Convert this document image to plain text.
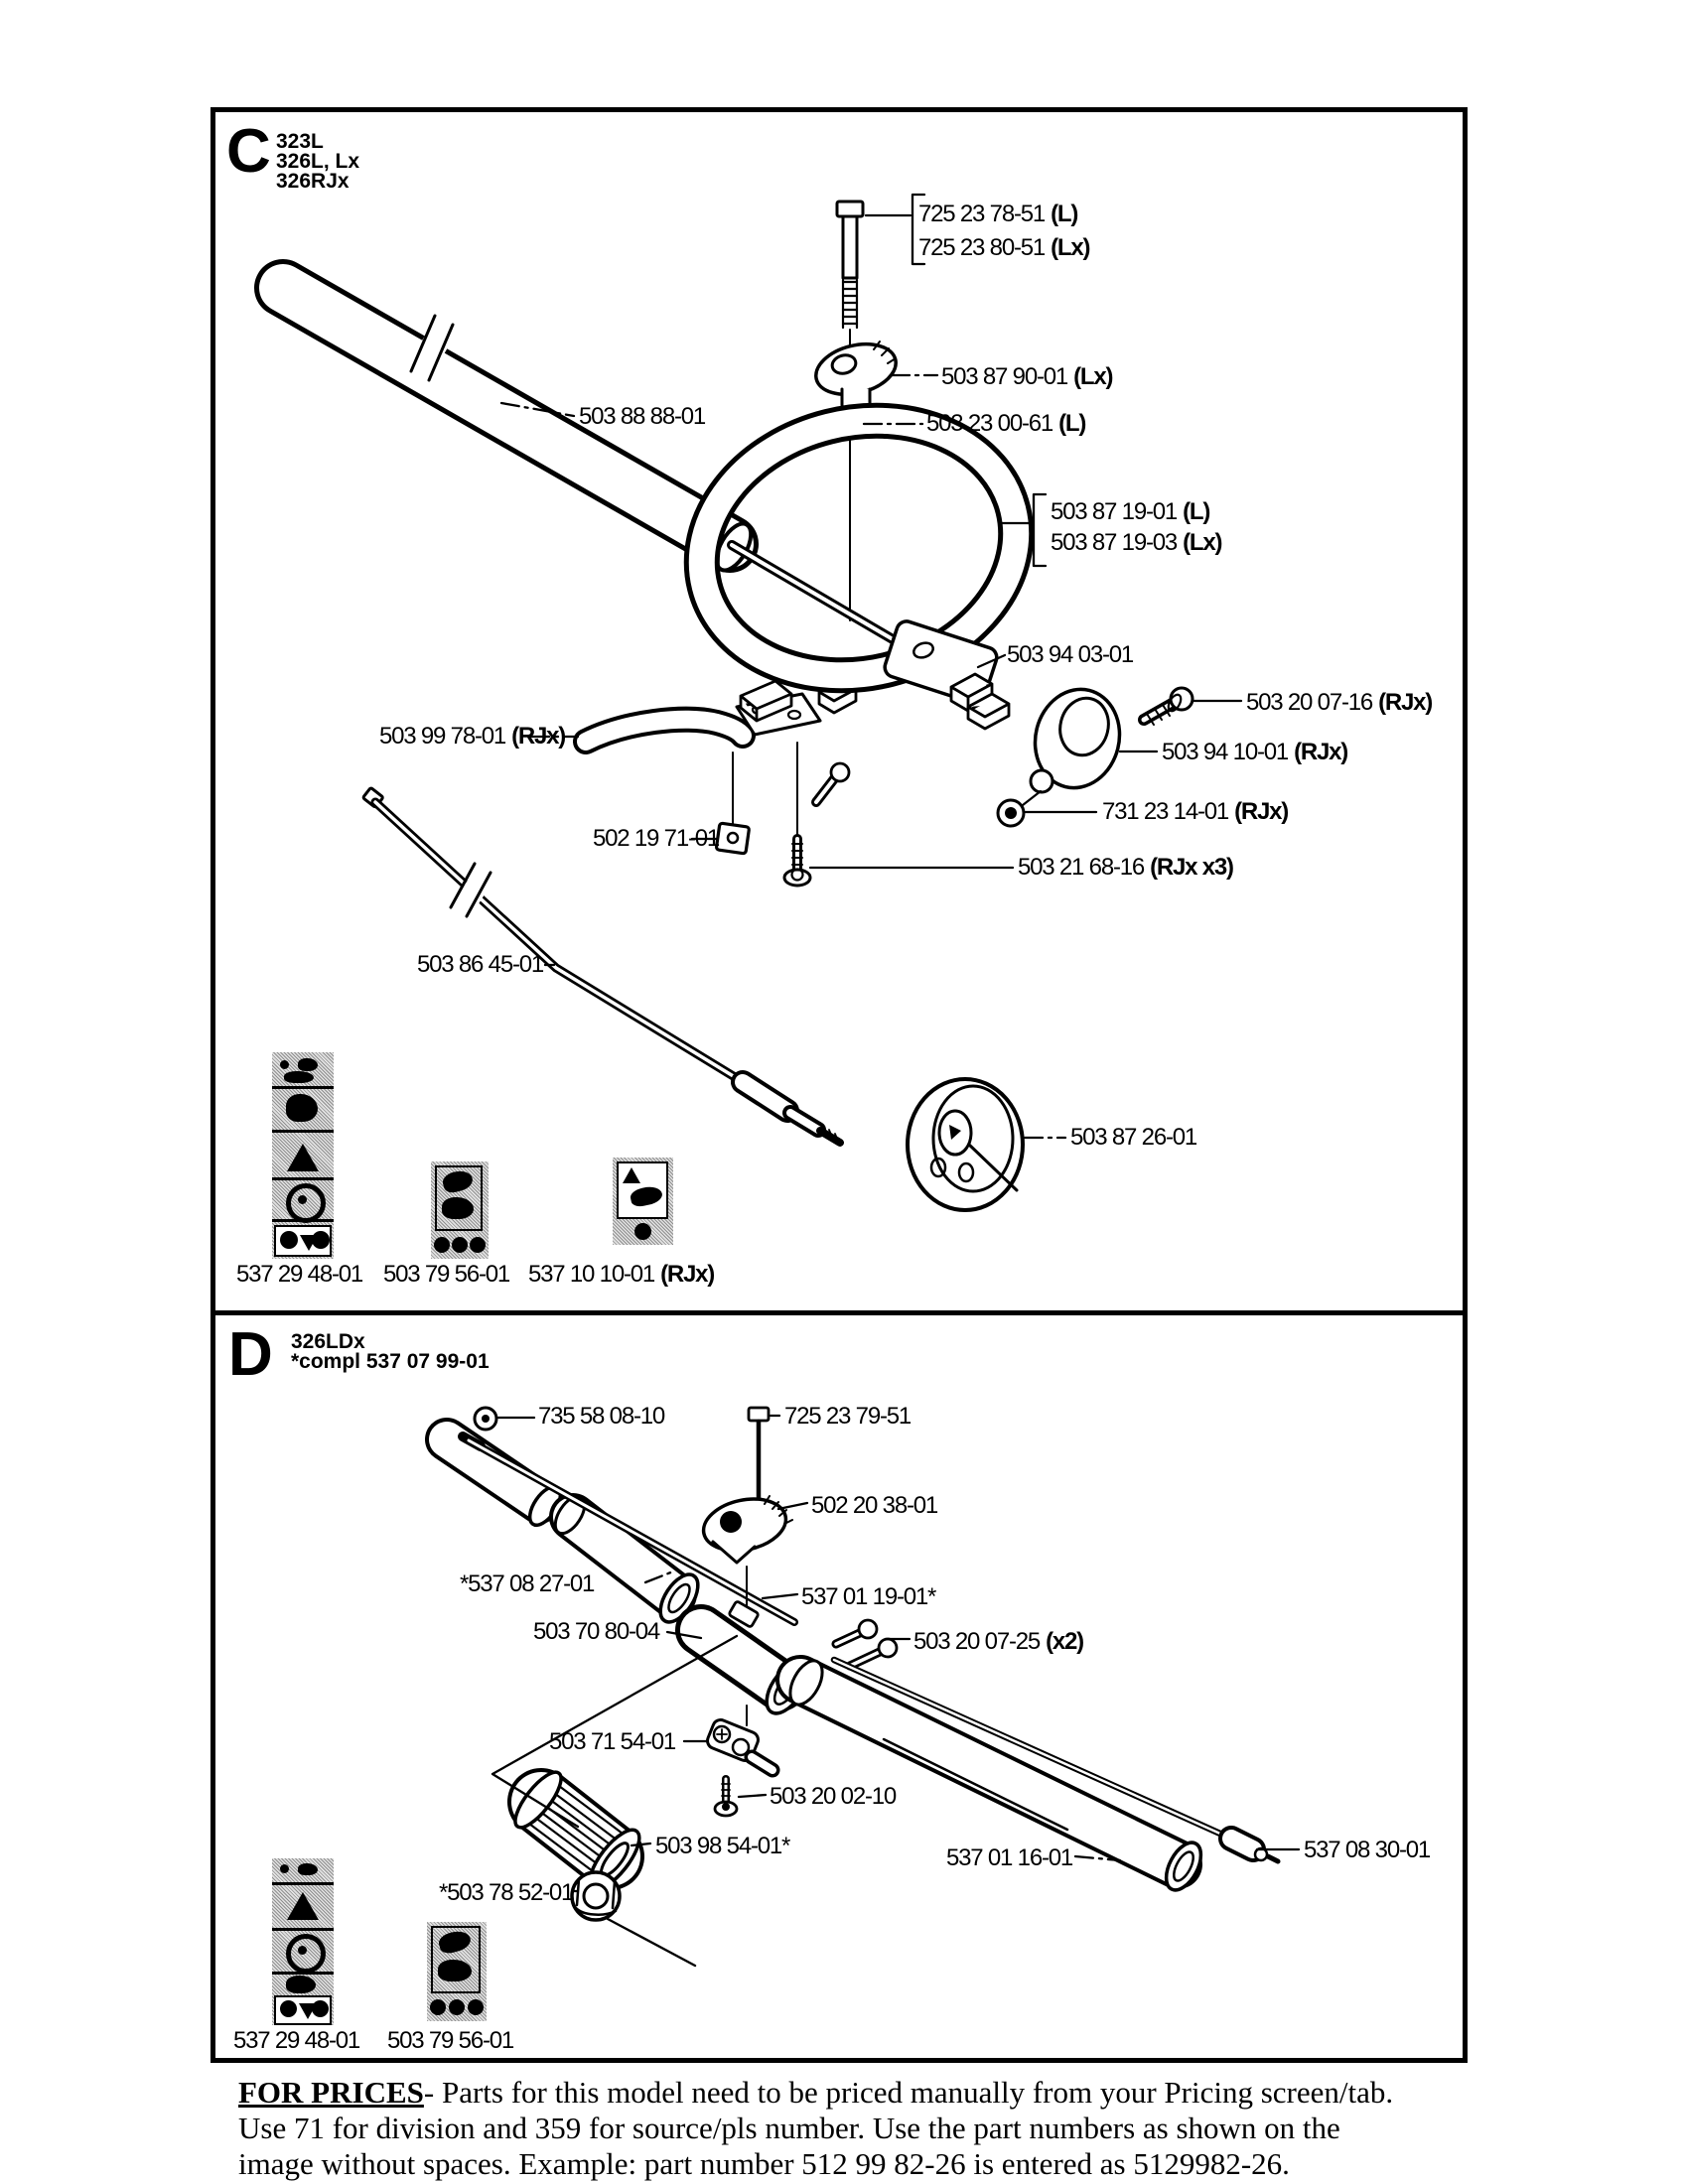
C 323L
326L, Lx
326RJx
725 23 78-51 (L)
725 23 80-51 (Lx)
503 87 90-01 (Lx)
503 23 00-61 (L)
503 88 88-01
503 87 19-01 (L)
503 87 19-03 (Lx)
503 94 03-01
503 20 07-16 (RJx)
503 99 78-01 (RJx)
503 94 10-01 (RJx)
731 23 14-01 (RJx)
502 19 71-01
503 21 68-16 (RJx x3)
503 86 45-01
503 87 26-01
537 29 48-01 503 79 56-01 537 10 10-01 (RJx)
D 326LDx
*compl 537 07 99-01
735 58 08-10	725 23 79-51
502 20 38-01
*537 08 27-01	537 01 19-01*
503 70 80-04	503 20 07-25 (x2)
503 71 54-01
503 20 02-10
503 98 54-01*	537 01 16-01	537 08 30-01
*503 78 52-01
537 29 48-01 503 79 56-01
FOR PRICES- Parts for this model need to be priced manually from your Pricing screen/tab.
Use 71 for division and 359 for source/pls number. Use the part numbers as shown on the
image without spaces. Example: part number 512 99 82-26 is entered as 5129982-26.
